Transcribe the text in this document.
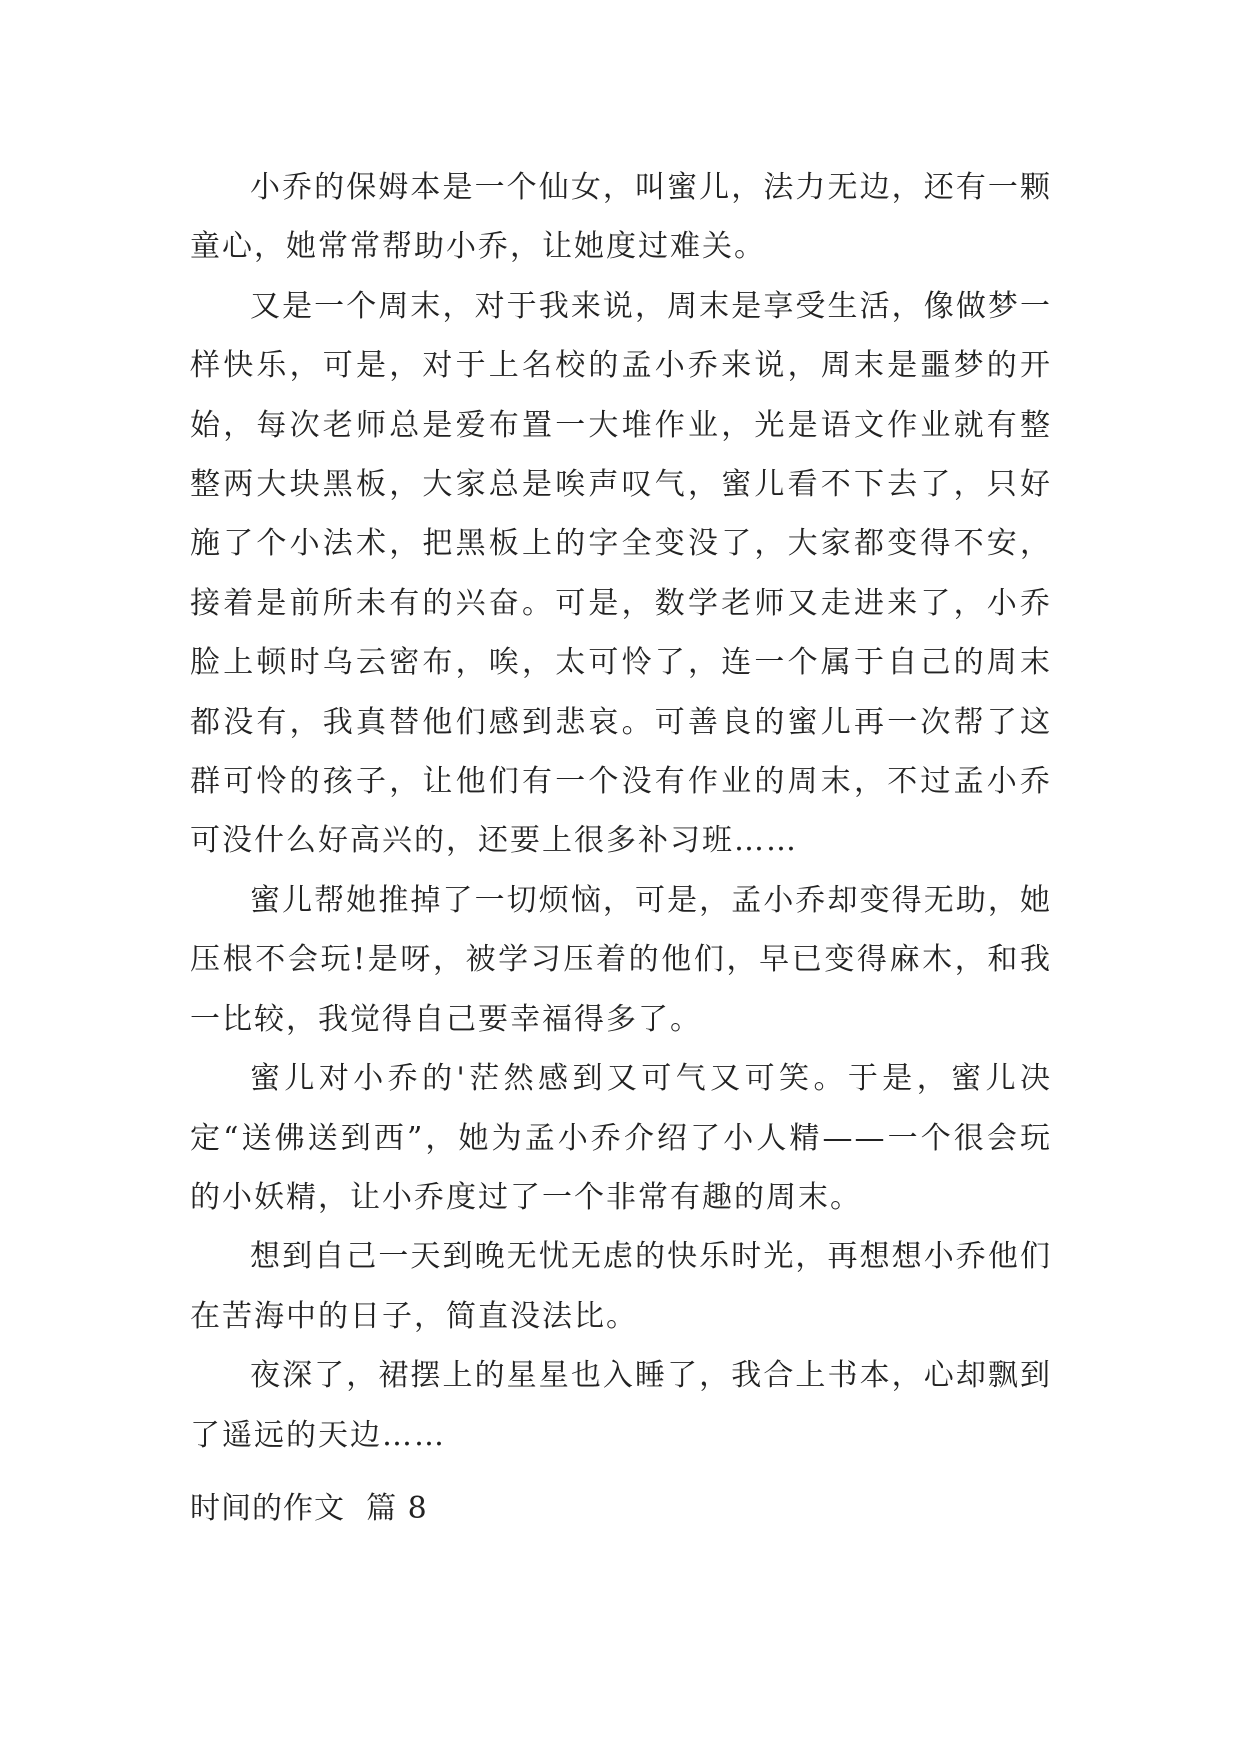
小乔的保姆本是一个仙女，叫蜜儿，法力无边，还有一颗童心，她常常帮助小乔，让她度过难关。

又是一个周末，对于我来说，周末是享受生活，像做梦一样快乐，可是，对于上名校的孟小乔来说，周末是噩梦的开始，每次老师总是爱布置一大堆作业，光是语文作业就有整整两大块黑板，大家总是唉声叹气，蜜儿看不下去了，只好施了个小法术，把黑板上的字全变没了，大家都变得不安，接着是前所未有的兴奋。可是，数学老师又走进来了，小乔脸上顿时乌云密布，唉，太可怜了，连一个属于自己的周末都没有，我真替他们感到悲哀。可善良的蜜儿再一次帮了这群可怜的孩子，让他们有一个没有作业的周末，不过孟小乔可没什么好高兴的，还要上很多补习班……

蜜儿帮她推掉了一切烦恼，可是，孟小乔却变得无助，她压根不会玩!是呀，被学习压着的他们，早已变得麻木，和我一比较，我觉得自己要幸福得多了。

蜜儿对小乔的'茫然感到又可气又可笑。于是，蜜儿决定“送佛送到西”，她为孟小乔介绍了小人精——一个很会玩的小妖精，让小乔度过了一个非常有趣的周末。

想到自己一天到晚无忧无虑的快乐时光，再想想小乔他们在苦海中的日子，简直没法比。

夜深了，裙摆上的星星也入睡了，我合上书本，心却飘到了遥远的天边……

时间的作文  篇 8
